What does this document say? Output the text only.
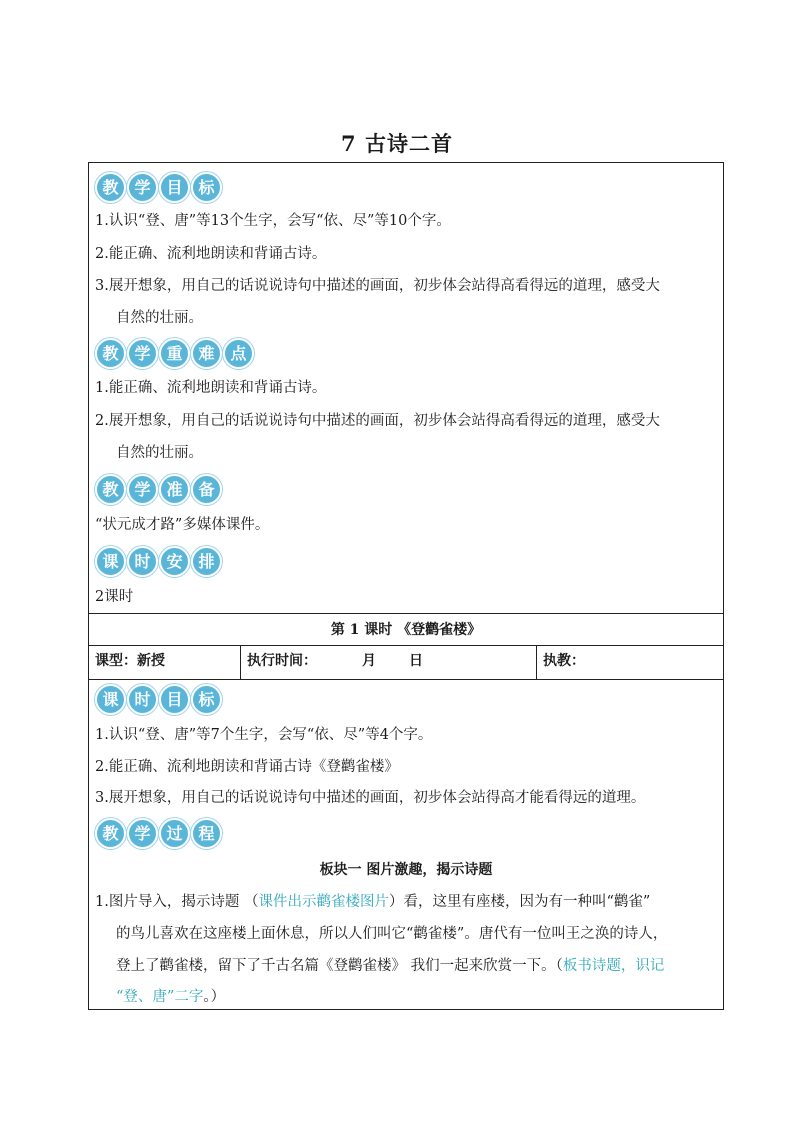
7 古诗二首
教 学 目 标
1.认识“登、唐”等13个生字，会写“依、尽”等10个字。
2.能正确、流利地朗读和背诵古诗。
3.展开想象，用自己的话说说诗句中描述的画面，初步体会站得高看得远的道理，感受大
自然的壮丽。
教 学 重 难 点
1.能正确、流利地朗读和背诵古诗。
2.展开想象，用自己的话说说诗句中描述的画面，初步体会站得高看得远的道理，感受大
自然的壮丽。
教 学 准 备
“状元成才路”多媒体课件。
课 时 安 排
2课时
第 1 课时 《登鹳雀楼》
课型：新授	执行时间：	月 日	执教：
课 时 目 标
1.认识“登、唐”等7个生字，会写“依、尽”等4个字。
2.能正确、流利地朗读和背诵古诗《登鹳雀楼》
3.展开想象，用自己的话说说诗句中描述的画面，初步体会站得高才能看得远的道理。
教 学 过 程
板块一 图片激趣，揭示诗题
1.图片导入，揭示诗题 （课件出示鹳雀楼图片）看，这里有座楼，因为有一种叫“鹳雀”
的鸟儿喜欢在这座楼上面休息，所以人们叫它“鹳雀楼”。唐代有一位叫王之涣的诗人，
登上了鹳雀楼，留下了千古名篇《登鹳雀楼》 我们一起来欣赏一下。（板书诗题，识记
“登、唐”二字。）
